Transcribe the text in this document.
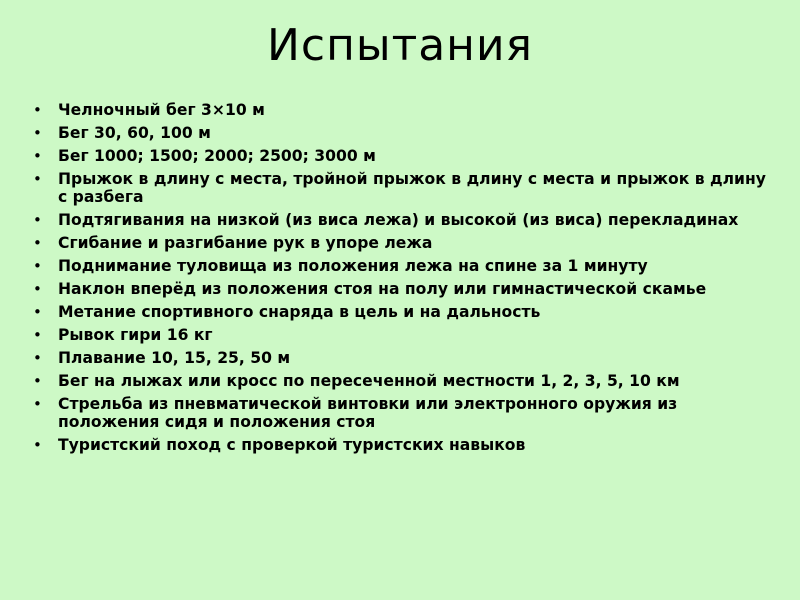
Испытания
• Челночный бег 3×10 м
• Бег 30, 60, 100 м
• Бег 1000; 1500; 2000; 2500; 3000 м
• Прыжок в длину с места, тройной прыжок в длину с места и прыжок в длину с разбега
• Подтягивания на низкой (из виса лежа) и высокой (из виса) перекладинах
• Сгибание и разгибание рук в упоре лежа
• Поднимание туловища из положения лежа на спине за 1 минуту
• Наклон вперёд из положения стоя на полу или гимнастической скамье
• Метание спортивного снаряда в цель и на дальность
• Рывок гири 16 кг
• Плавание 10, 15, 25, 50 м
• Бег на лыжах или кросс по пересеченной местности 1, 2, 3, 5, 10 км
• Стрельба из пневматической винтовки или электронного оружия из положения сидя и положения стоя
• Туристский поход с проверкой туристских навыков
